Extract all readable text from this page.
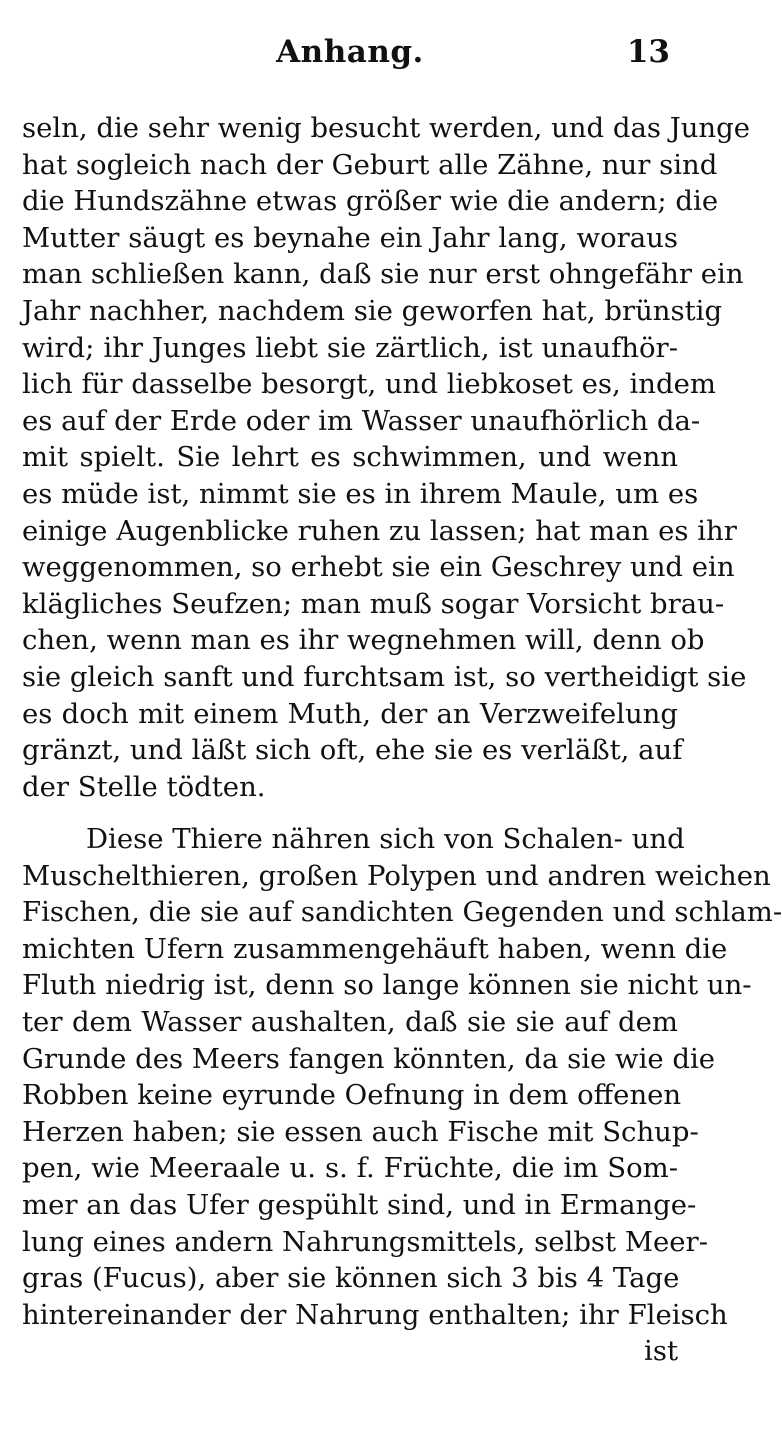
Anhang.	13
seln, die sehr wenig besucht werden, und das Junge
hat sogleich nach der Geburt alle Zähne, nur sind
die Hundszähne etwas größer wie die andern; die
Mutter säugt es beynahe ein Jahr lang, woraus
man schließen kann, daß sie nur erst ohngefähr ein
Jahr nachher, nachdem sie geworfen hat, brünstig
wird; ihr Junges liebt sie zärtlich, ist unaufhör-
lich für dasselbe besorgt, und liebkoset es, indem
es auf der Erde oder im Wasser unaufhörlich da-
mit spielt. Sie lehrt es schwimmen, und wenn
es müde ist, nimmt sie es in ihrem Maule, um es
einige Augenblicke ruhen zu lassen; hat man es ihr
weggenommen, so erhebt sie ein Geschrey und ein
klägliches Seufzen; man muß sogar Vorsicht brau-
chen, wenn man es ihr wegnehmen will, denn ob
sie gleich sanft und furchtsam ist, so vertheidigt sie
es doch mit einem Muth, der an Verzweifelung
gränzt, und läßt sich oft, ehe sie es verläßt, auf
der Stelle tödten.
Diese Thiere nähren sich von Schalen- und
Muschelthieren, großen Polypen und andren weichen
Fischen, die sie auf sandichten Gegenden und schlam-
michten Ufern zusammengehäuft haben, wenn die
Fluth niedrig ist, denn so lange können sie nicht un-
ter dem Wasser aushalten, daß sie sie auf dem
Grunde des Meers fangen könnten, da sie wie die
Robben keine eyrunde Oefnung in dem offenen
Herzen haben; sie essen auch Fische mit Schup-
pen, wie Meeraale u. s. f. Früchte, die im Som-
mer an das Ufer gespühlt sind, und in Ermange-
lung eines andern Nahrungsmittels, selbst Meer-
gras (Fucus), aber sie können sich 3 bis 4 Tage
hintereinander der Nahrung enthalten; ihr Fleisch
ist
